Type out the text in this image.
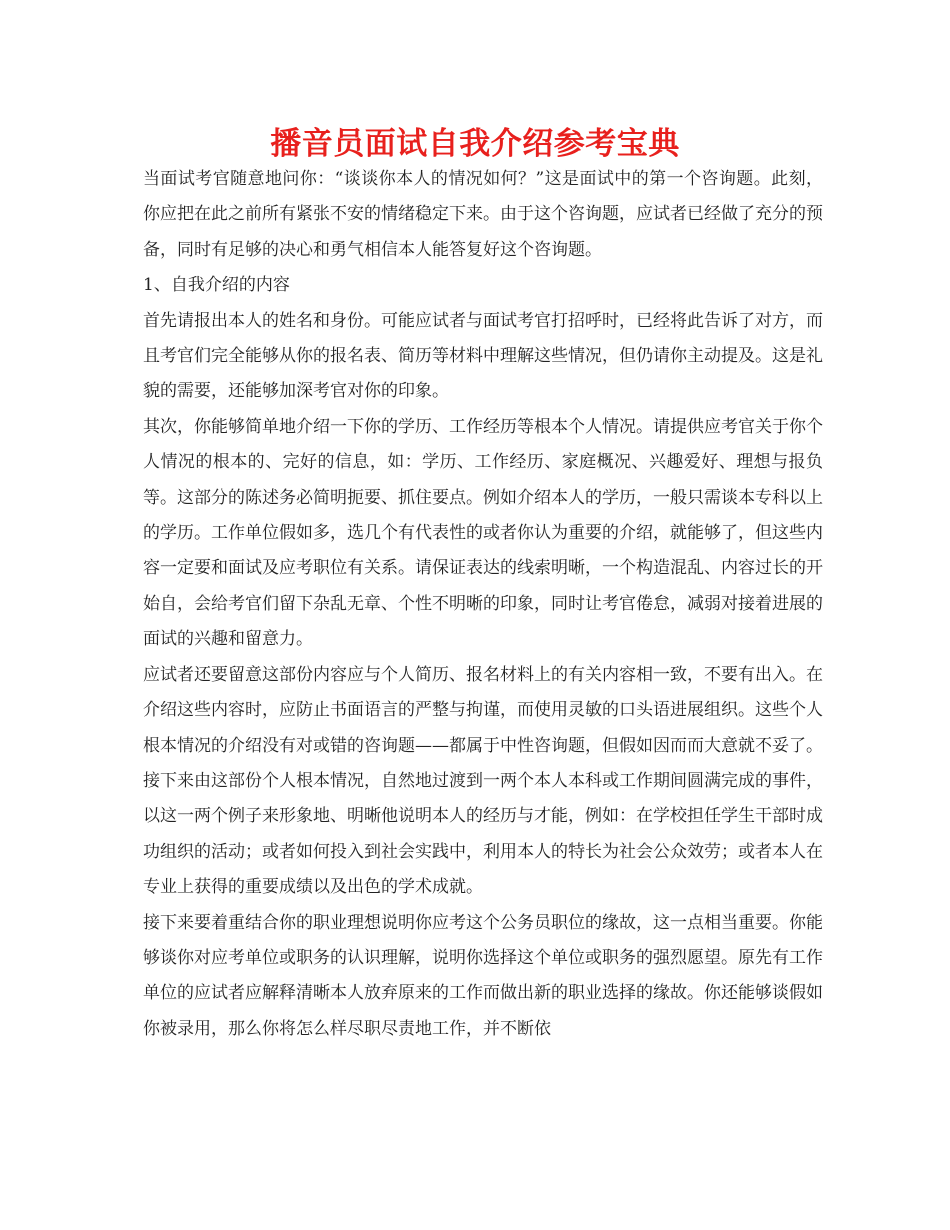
播音员面试自我介绍参考宝典

当面试考官随意地问你：“谈谈你本人的情况如何？”这是面试中的第一个咨询题。此刻，你应把在此之前所有紧张不安的情绪稳定下来。由于这个咨询题，应试者已经做了充分的预备，同时有足够的决心和勇气相信本人能答复好这个咨询题。

1、自我介绍的内容

首先请报出本人的姓名和身份。可能应试者与面试考官打招呼时，已经将此告诉了对方，而且考官们完全能够从你的报名表、简历等材料中理解这些情况，但仍请你主动提及。这是礼貌的需要，还能够加深考官对你的印象。

其次，你能够简单地介绍一下你的学历、工作经历等根本个人情况。请提供应考官关于你个人情况的根本的、完好的信息，如：学历、工作经历、家庭概况、兴趣爱好、理想与报负等。这部分的陈述务必简明扼要、抓住要点。例如介绍本人的学历，一般只需谈本专科以上的学历。工作单位假如多，选几个有代表性的或者你认为重要的介绍，就能够了，但这些内容一定要和面试及应考职位有关系。请保证表达的线索明晰，一个构造混乱、内容过长的开始自，会给考官们留下杂乱无章、个性不明晰的印象，同时让考官倦怠，减弱对接着进展的面试的兴趣和留意力。

应试者还要留意这部份内容应与个人简历、报名材料上的有关内容相一致，不要有出入。在介绍这些内容时，应防止书面语言的严整与拘谨，而使用灵敏的口头语进展组织。这些个人根本情况的介绍没有对或错的咨询题——都属于中性咨询题，但假如因而而大意就不妥了。

接下来由这部份个人根本情况，自然地过渡到一两个本人本科或工作期间圆满完成的事件，以这一两个例子来形象地、明晰他说明本人的经历与才能，例如：在学校担任学生干部时成功组织的活动；或者如何投入到社会实践中，利用本人的特长为社会公众效劳；或者本人在专业上获得的重要成绩以及出色的学术成就。

接下来要着重结合你的职业理想说明你应考这个公务员职位的缘故，这一点相当重要。你能够谈你对应考单位或职务的认识理解，说明你选择这个单位或职务的强烈愿望。原先有工作单位的应试者应解释清晰本人放弃原来的工作而做出新的职业选择的缘故。你还能够谈假如你被录用，那么你将怎么样尽职尽责地工作，并不断依
